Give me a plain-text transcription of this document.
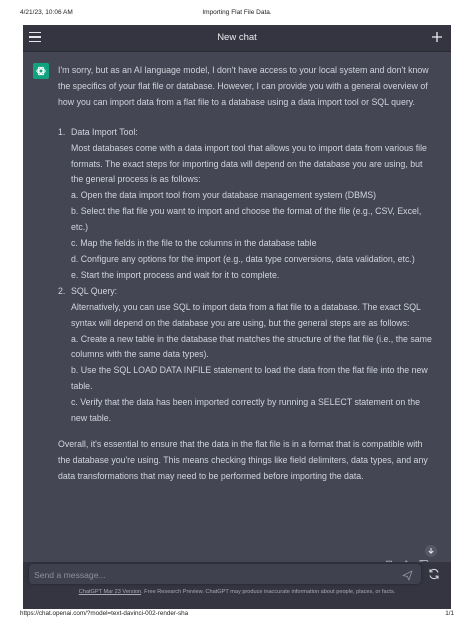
4/21/23, 10:06 AM	Importing Flat File Data.
New chat

I'm sorry, but as an AI language model, I don't have access to your local system and don't know the specifics of your flat file or database. However, I can provide you with a general overview of how you can import data from a flat file to a database using a data import tool or SQL query.

1. Data Import Tool:
Most databases come with a data import tool that allows you to import data from various file formats. The exact steps for importing data will depend on the database you are using, but the general process is as follows:
a. Open the data import tool from your database management system (DBMS)
b. Select the flat file you want to import and choose the format of the file (e.g., CSV, Excel, etc.)
c. Map the fields in the file to the columns in the database table
d. Configure any options for the import (e.g., data type conversions, data validation, etc.)
e. Start the import process and wait for it to complete.
2. SQL Query:
Alternatively, you can use SQL to import data from a flat file to a database. The exact SQL syntax will depend on the database you are using, but the general steps are as follows:
a. Create a new table in the database that matches the structure of the flat file (i.e., the same columns with the same data types).
b. Use the SQL LOAD DATA INFILE statement to load the data from the flat file into the new table.
c. Verify that the data has been imported correctly by running a SELECT statement on the new table.

Overall, it's essential to ensure that the data in the flat file is in a format that is compatible with the database you're using. This means checking things like field delimiters, data types, and any data transformations that may need to be performed before importing the data.

Send a message...
ChatGPT Mar 23 Version. Free Research Preview. ChatGPT may produce inaccurate information about people, places, or facts.
https://chat.openai.com/?model=text-davinci-002-render-sha	1/1
